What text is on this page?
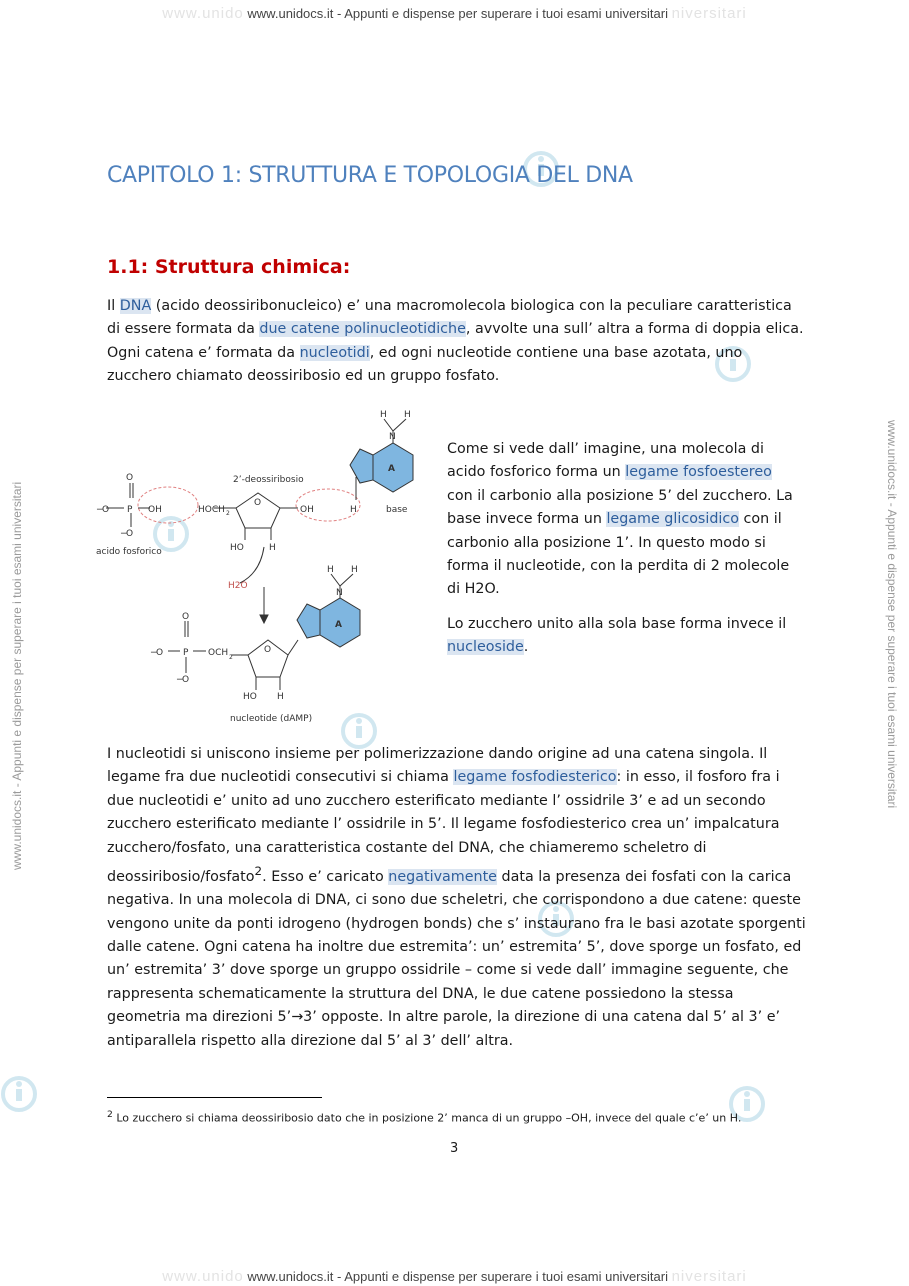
www.unido www.unidocs.it - Appunti e dispense per superare i tuoi esami universitari niversitari
www.unidocs.it - Appunti e dispense per superare i tuoi esami universitari	www.unidocs.it - Appunti e dispense per superare i tuoi esami universitari
CAPITOLO 1: STRUTTURA E TOPOLOGIA DEL DNA
1.1: Struttura chimica:

Il DNA (acido deossiribonucleico) e’ una macromolecola biologica con la peculiare caratteristica di essere formata da due catene polinucleotidiche, avvolte una sull’ altra a forma di doppia elica. Ogni catena e’ formata da nucleotidi, ed ogni nucleotide contiene una base azotata, uno zucchero chiamato deossiribosio ed un gruppo fosfato.

O
−
O P OH
−
O
acido fosforico
2’-deossiribosio
HOCH 2
O
HO	H
OH	H
A
H H
N
base
H2O
O
−
O P OCH 2
O
−
O
HO H
A
H H
N
nucleotide (dAMP)

Come si vede dall’ imagine, una molecola di acido fosforico forma un legame fosfoestereo con il carbonio alla posizione 5’ del zucchero. La base invece forma un legame glicosidico con il carbonio alla posizione 1’. In questo modo si forma il nucleotide, con la perdita di 2 molecole di H2O.

Lo zucchero unito alla sola base forma invece il nucleoside.

I nucleotidi si uniscono insieme per polimerizzazione dando origine ad una catena singola. Il legame fra due nucleotidi consecutivi si chiama legame fosfodiesterico: in esso, il fosforo fra i due nucleotidi e’ unito ad uno zucchero esterificato mediante l’ ossidrile 3’ e ad un secondo zucchero esterificato mediante l’ ossidrile in 5’. Il legame fosfodiesterico crea un’ impalcatura zucchero/fosfato, una caratteristica costante del DNA, che chiameremo scheletro di deossiribosio/fosfato$^2$. Esso e’ caricato negativamente data la presenza dei fosfati con la carica negativa. In una molecola di DNA, ci sono due scheletri, che corrispondono a due catene: queste vengono unite da ponti idrogeno (hydrogen bonds) che s’ instaurano fra le basi azotate sporgenti dalle catene. Ogni catena ha inoltre due estremita’: un’ estremita’ 5’, dove sporge un fosfato, ed un’ estremita’ 3’ dove sporge un gruppo ossidrile – come si vede dall’ immagine seguente, che rappresenta schematicamente la struttura del DNA, le due catene possiedono la stessa geometria ma direzioni 5’→3’ opposte. In altre parole, la direzione di una catena dal 5’ al 3’ e’ antiparallela rispetto alla direzione dal 5’ al 3’ dell’ altra.

$^2$ Lo zucchero si chiama deossiribosio dato che in posizione 2’ manca di un gruppo –OH, invece del quale c’e’ un H.

3
www.unido www.unidocs.it - Appunti e dispense per superare i tuoi esami universitari niversitari
